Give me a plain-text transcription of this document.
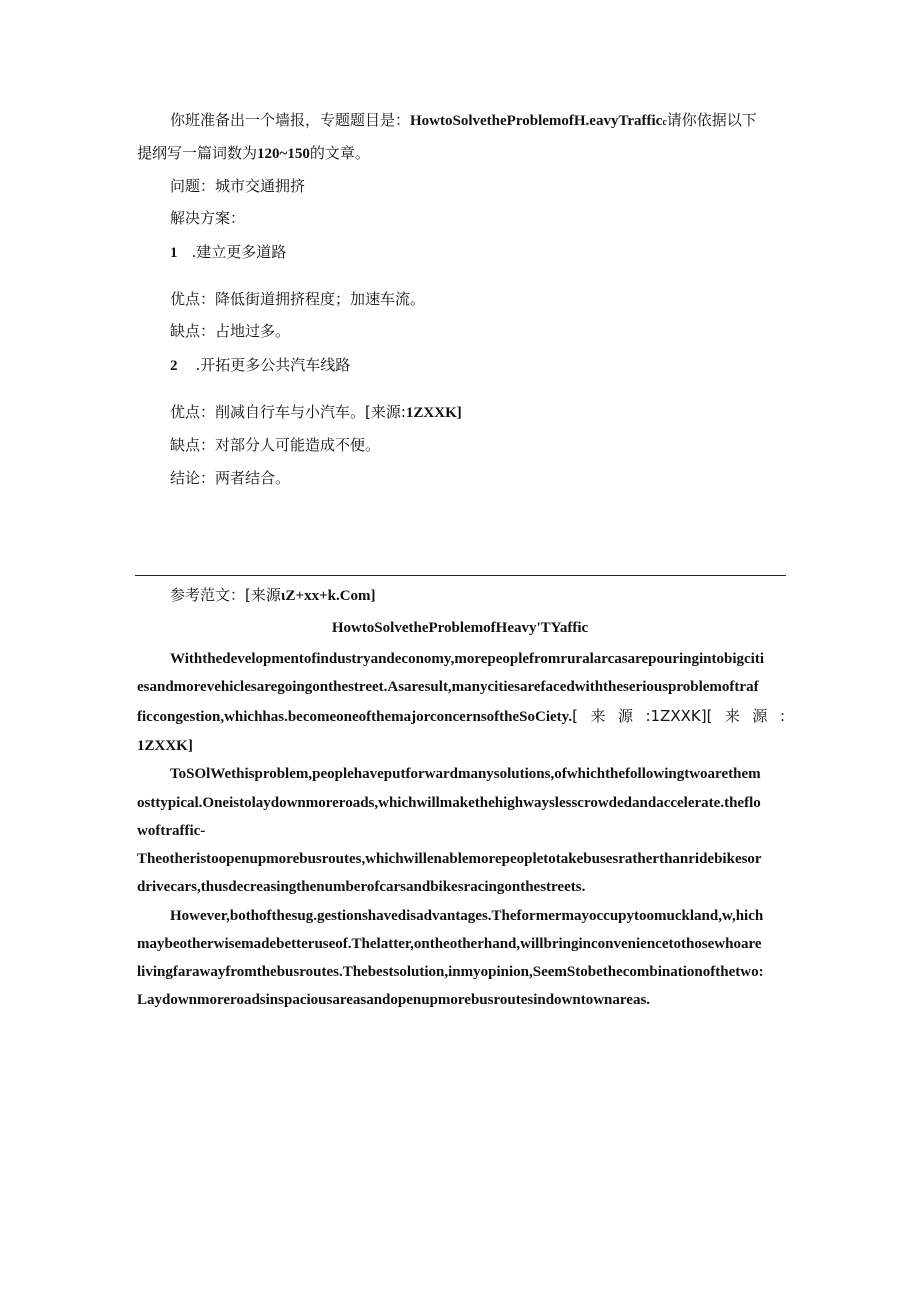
你班准备出一个墙报，专题题目是：HowtoSolvetheProblemofH.eavyTrafficc请你依据以下
提纲写一篇词数为120~150的文章。
问题：城市交通拥挤
解决方案：
1 .建立更多道路
优点：降低街道拥挤程度；加速车流。
缺点：占地过多。
2 .开拓更多公共汽车线路
优点：削减自行车与小汽车。[来源:1ZXXK]
缺点：对部分人可能造成不便。
结论：两者结合。
参考范文：[来源ιZ+xx+k.Com]
HowtoSolvetheProblemofHeavy'TYaffic
Withthedevelopmentofindustryandeconomy,morepeoplefromruralarcasarepouringintobigciti
esandmorevehiclesaregoingonthestreet.Asaresult,manycitiesarefacedwiththeseriousproblemoftraf
ficcongestion,whichhas.becomeoneofthemajorconcernsoftheSoCiety.[来源:1ZXXK][来源:
1ZXXK]
ToSOlWethisproblem,peoplehaveputforwardmanysolutions,ofwhichthefollowingtwoarethem
osttypical.Oneistolaydownmoreroads,whichwillmakethehighwayslesscrowdedandaccelerate.theflo
woftraffic-
Theotheristoopenupmorebusroutes,whichwillenablemorepeopletotakebusesratherthanridebikesor
drivecars,thusdecreasingthenumberofcarsandbikesracingonthestreets.
However,bothofthesug.gestionshavedisadvantages.Theformermayoccupytoomuckland,w,hich
maybeotherwisemadebetteruseof.Thelatter,ontheotherhand,willbringinconveniencetothosewhoare
livingfarawayfromthebusroutes.Thebestsolution,inmyopinion,SeemStobethecombinationofthetwo:
Laydownmoreroadsinspaciousareasandopenupmorebusroutesindowntownareas.
